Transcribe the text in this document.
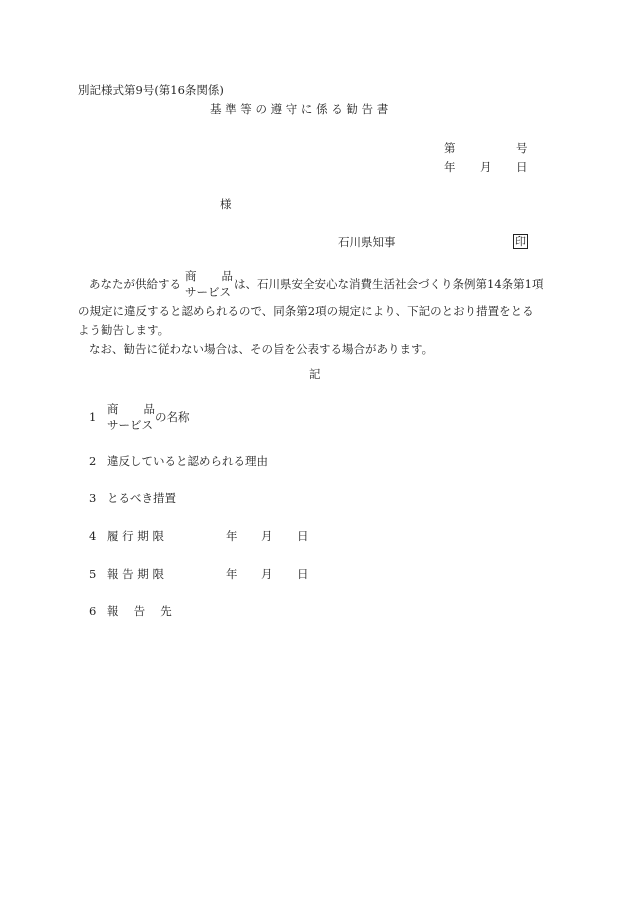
別記様式第9号(第16条関係)
基 準 等 の 遵 守 に 係 る 勧 告 書
第	号
年 月 日
様
石川県知事	印
あなたが供給する
商 品
サービス
は、石川県安全安心な消費生活社会づくり条例第14条第1項
の規定に違反すると認められるので、同条第2項の規定により、下記のとおり措置をとる
よう勧告します。
なお、勧告に従わない場合は、その旨を公表する場合があります。
記
1
商 品
サービス
の名称
2 違反していると認められる理由
3 とるべき措置
4 履 行 期 限	年 月 日
5 報 告 期 限	年 月 日
6 報 　告 　先
